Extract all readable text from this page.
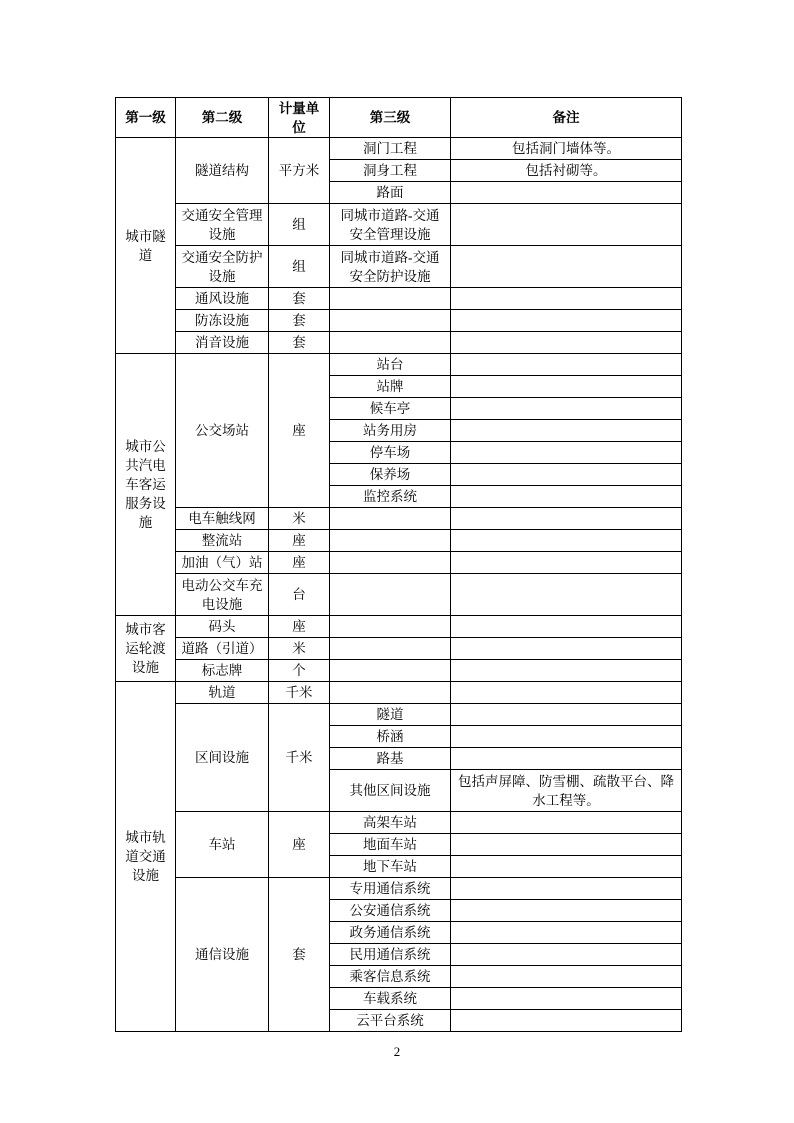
第一级	第二级	计量单位	第三级	备注
城市隧道	隧道结构	平方米	洞门工程	包括洞门墙体等。
			洞身工程	包括衬砌等。
			路面	
	交通安全管理设施	组	同城市道路-交通安全管理设施	
	交通安全防护设施	组	同城市道路-交通安全防护设施	
	通风设施	套		
	防冻设施	套		
	消音设施	套		
城市公共汽电车客运服务设施	公交场站	座	站台	
			站牌	
			候车亭	
			站务用房	
			停车场	
			保养场	
			监控系统	
	电车触线网	米		
	整流站	座		
	加油（气）站	座		
	电动公交车充电设施	台		
城市客运轮渡设施	码头	座		
	道路（引道）	米		
	标志牌	个		
城市轨道交通设施	轨道	千米		
	区间设施	千米	隧道	
			桥涵	
			路基	
			其他区间设施	包括声屏障、防雪棚、疏散平台、降水工程等。
	车站	座	高架车站	
			地面车站	
			地下车站	
	通信设施	套	专用通信系统	
			公安通信系统	
			政务通信系统	
			民用通信系统	
			乘客信息系统	
			车载系统	
			云平台系统	
2
